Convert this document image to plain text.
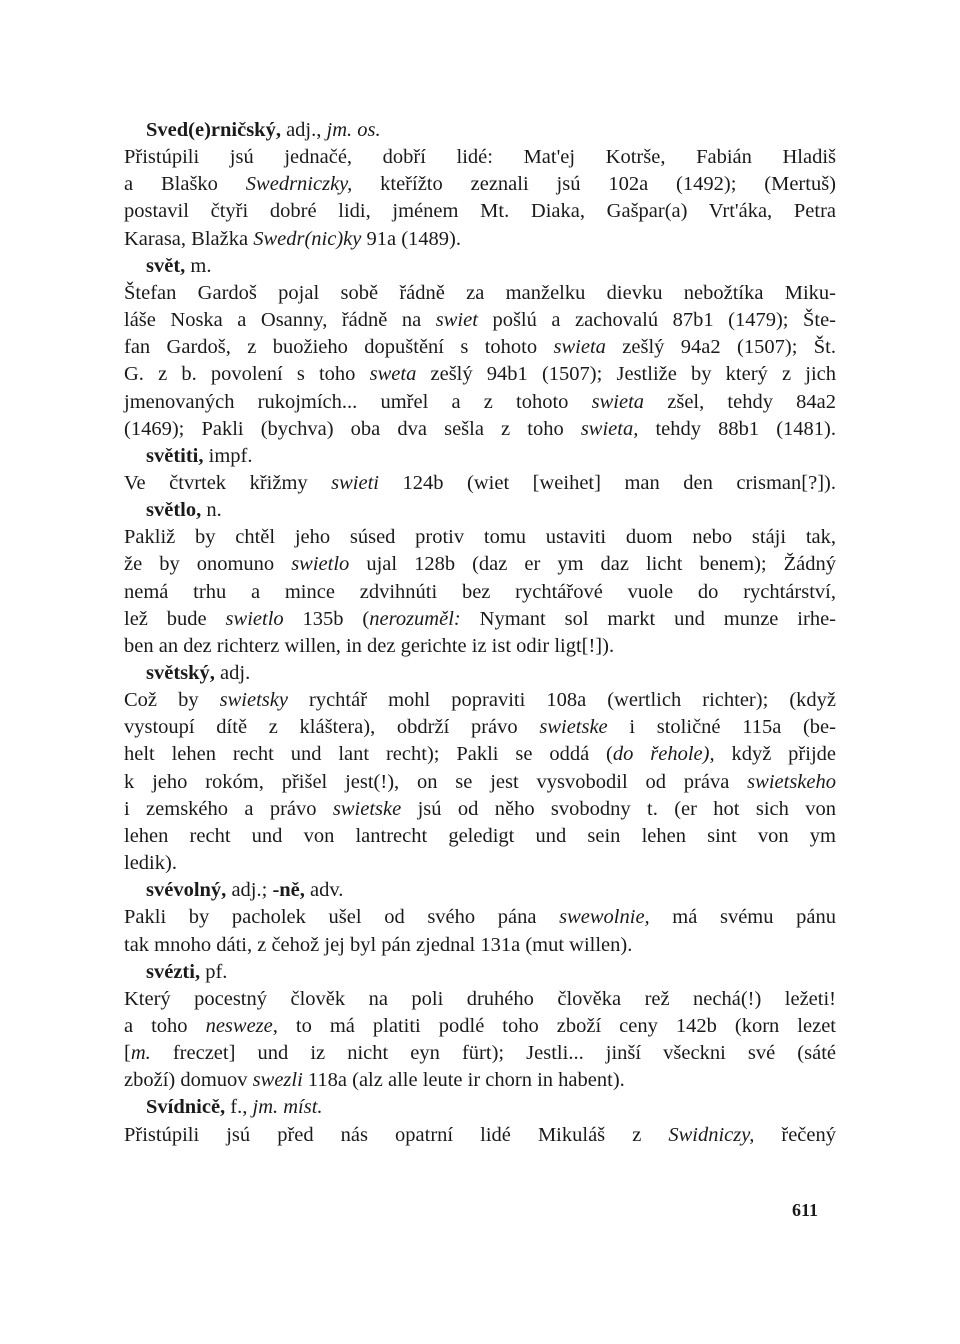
Sved(e)rničský, adj., jm. os.
Přistúpili jsú jednačé, dobří lidé: Mat'ej Kotrše, Fabián Hladiš
a Blaško Swedrniczky, kteřížto zeznali jsú 102a (1492); (Mertuš)
postavil čtyři dobré lidi, jménem Mt. Diaka, Gašpar(a) Vrt'áka, Petra
Karasa, Blažka Swedr(nic)ky 91a (1489).
svět, m.
Štefan Gardoš pojal sobě řádně za manželku dievku nebožtíka Miku-
láše Noska a Osanny, řádně na swiet pošlú a zachovalú 87b1 (1479); Šte-
fan Gardoš, z buožieho dopuštění s tohoto swieta zešlý 94a2 (1507); Št.
G. z b. povolení s toho sweta zešlý 94b1 (1507); Jestliže by který z jich
jmenovaných rukojmích... umřel a z tohoto swieta zšel, tehdy 84a2
(1469); Pakli (bychva) oba dva sešla z toho swieta, tehdy 88b1 (1481).
světiti, impf.
Ve čtvrtek křižmy swieti 124b (wiet [weihet] man den crisman[?]).
světlo, n.
Pakliž by chtěl jeho súsed protiv tomu ustaviti duom nebo stáji tak,
že by onomuno swietlo ujal 128b (daz er ym daz licht benem); Žádný
nemá trhu a mince zdvihnúti bez rychtářové vuole do rychtárství,
lež bude swietlo 135b (nerozuměl: Nymant sol markt und munze irhe-
ben an dez richterz willen, in dez gerichte iz ist odir ligt[!]).
světský, adj.
Což by swietsky rychtář mohl popraviti 108a (wertlich richter); (když
vystoupí dítě z kláštera), obdrží právo swietske i stoličné 115a (be-
helt lehen recht und lant recht); Pakli se oddá (do řehole), když přijde
k jeho rokóm, přišel jest(!), on se jest vysvobodil od práva swietskeho
i zemského a právo swietske jsú od něho svobodny t. (er hot sich von
lehen recht und von lantrecht geledigt und sein lehen sint von ym
ledik).
svévolný, adj.; -ně, adv.
Pakli by pacholek ušel od svého pána swewolnie, má svému pánu
tak mnoho dáti, z čehož jej byl pán zjednal 131a (mut willen).
svézti, pf.
Který pocestný člověk na poli druhého člověka rež nechá(!) ležeti!
a toho nesweze, to má platiti podlé toho zboží ceny 142b (korn lezet
[m. freczet] und iz nicht eyn fürt); Jestli... jinší všeckni své (sáté
zboží) domuov swezli 118a (alz alle leute ir chorn in habent).
Svídnicě, f., jm. míst.
Přistúpili jsú před nás opatrní lidé Mikuláš z Swidniczy, řečený
611
